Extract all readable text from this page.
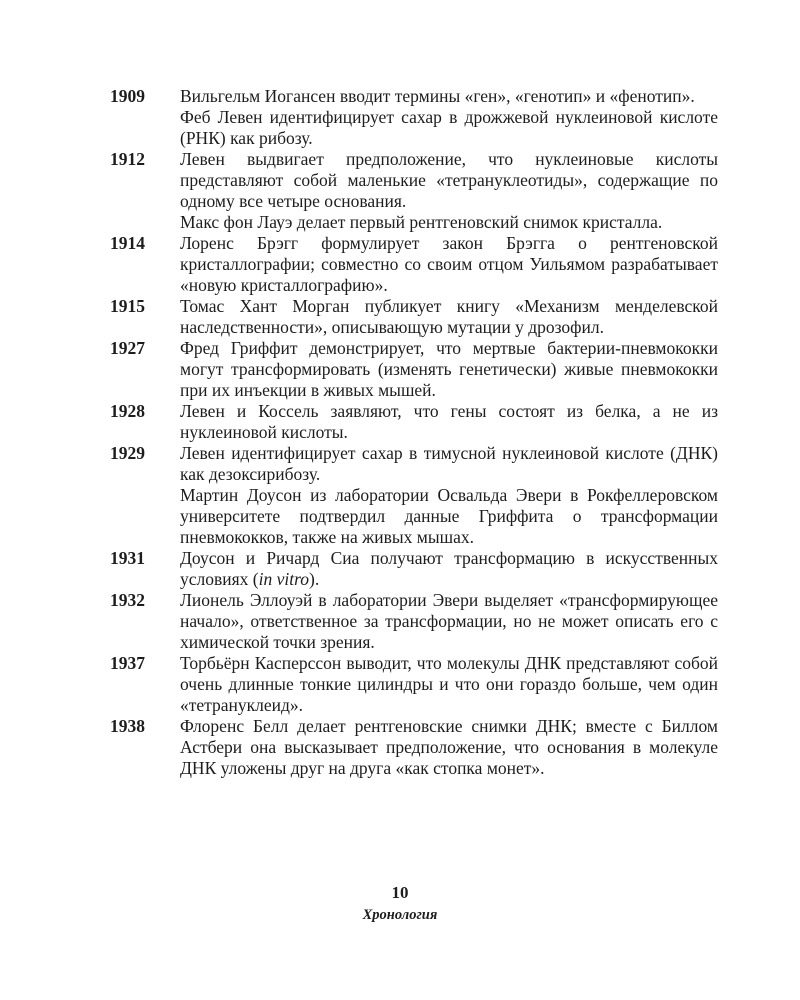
1909	Вильгельм Иогансен вводит термины «ген», «генотип» и «фенотип».

Феб Левен идентифицирует сахар в дрожжевой нуклеиновой кислоте (РНК) как рибозу.

1912	Левен выдвигает предположение, что нуклеиновые кислоты представляют собой маленькие «тетрануклеотиды», содержащие по одному все четыре основания.

Макс фон Лауэ делает первый рентгеновский снимок кристалла.

1914	Лоренс Брэгг формулирует закон Брэгга о рентгеновской кристаллографии; совместно со своим отцом Уильямом разрабатывает «новую кристаллографию».

1915	Томас Хант Морган публикует книгу «Механизм менделевской наследственности», описывающую мутации у дрозофил.

1927	Фред Гриффит демонстрирует, что мертвые бактерии-пневмококки могут трансформировать (изменять генетически) живые пневмококки при их инъекции в живых мышей.

1928	Левен и Коссель заявляют, что гены состоят из белка, а не из нуклеиновой кислоты.

1929	Левен идентифицирует сахар в тимусной нуклеиновой кислоте (ДНК) как дезоксирибозу.

Мартин Доусон из лаборатории Освальда Эвери в Рокфеллеровском университете подтвердил данные Гриффита о трансформации пневмококков, также на живых мышах.

1931	Доусон и Ричард Сиа получают трансформацию в искусственных условиях (in vitro).

1932	Лионель Эллоуэй в лаборатории Эвери выделяет «трансформирующее начало», ответственное за трансформации, но не может описать его с химической точки зрения.

1937	Торбьёрн Касперссон выводит, что молекулы ДНК представляют собой очень длинные тонкие цилиндры и что они гораздо больше, чем один «тетрануклеид».

1938	Флоренс Белл делает рентгеновские снимки ДНК; вместе с Биллом Астбери она высказывает предположение, что основания в молекуле ДНК уложены друг на друга «как стопка монет».

10
Хронология
